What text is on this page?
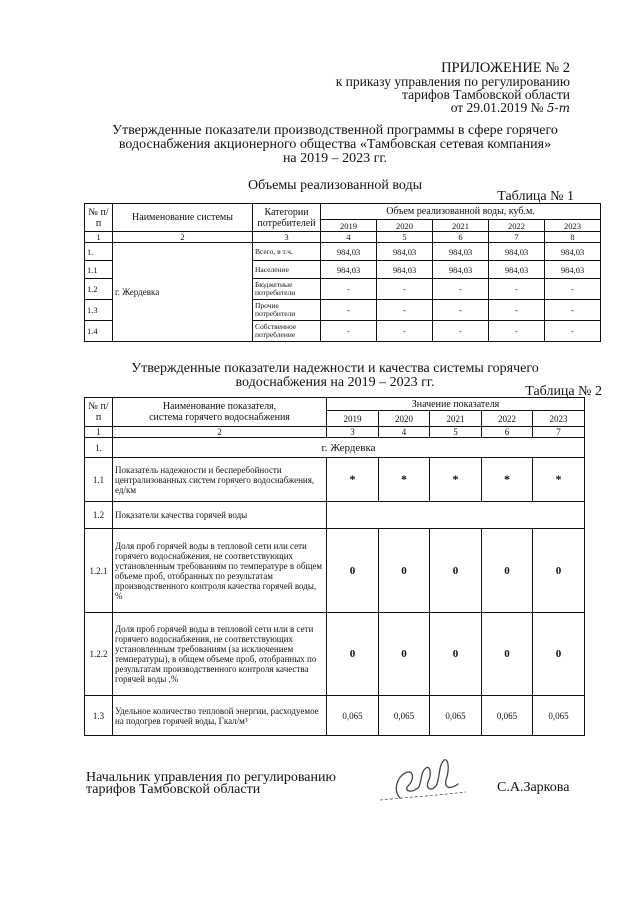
ПРИЛОЖЕНИЕ № 2
к приказу управления по регулированию
тарифов Тамбовской области
от 29.01.2019 № 5-т
Утвержденные показатели производственной программы в сфере горячего
водоснабжения акционерного общества «Тамбовская сетевая компания»
на 2019 – 2023 гг.
Объемы реализованной воды
Таблица № 1
№ п/п	Наименование системы	Категории потребителей	Объем реализованной воды, куб.м.				
			2019	2020	2021	2022	2023
1	2	3	4	5	6	7	8
1.	г. Жердевка	Всего, в т.ч.	984,03	984,03	984,03	984,03	984,03
1.1		Население	984,03	984,03	984,03	984,03	984,03
1.2		Бюджетные потребители	-	-	-	-	-
1.3		Прочие потребители	-	-	-	-	-
1.4		Собственное потребление	-	-	-	-	-
Утвержденные показатели надежности и качества системы горячего
водоснабжения на 2019 – 2023 гг.
Таблица № 2
№ п/п	Наименование показателя,
система горячего водоснабжения	Значение показателя				
		2019	2020	2021	2022	2023
1	2	3	4	5	6	7
1.	г. Жердевка					
1.1	Показатель надежности и бесперебойности централизованных систем горячего водоснабжения, ед/км	*	*	*	*	*
1.2	Показатели качества горячей воды					
1.2.1	Доля проб горячей воды в тепловой сети или сети горячего водоснабжения, не соответствующих установленным требованиям по температуре в общем объеме проб, отобранных по результатам производственного контроля качества горячей воды, %	0	0	0	0	0
1.2.2	Доля проб горячей воды в тепловой сети или в сети горячего водоснабжения, не соответствующих установленным требованиям (за исключением температуры), в общем объеме проб, отобранных по результатам производственного контроля качества горячей воды ,%	0	0	0	0	0
1.3	Удельное количество тепловой энергии, расходуемое на подогрев горячей воды, Гкал/м³	0,065	0,065	0,065	0,065	0,065
Начальник управления по регулированию
тарифов Тамбовской области	С.А.Заркова
